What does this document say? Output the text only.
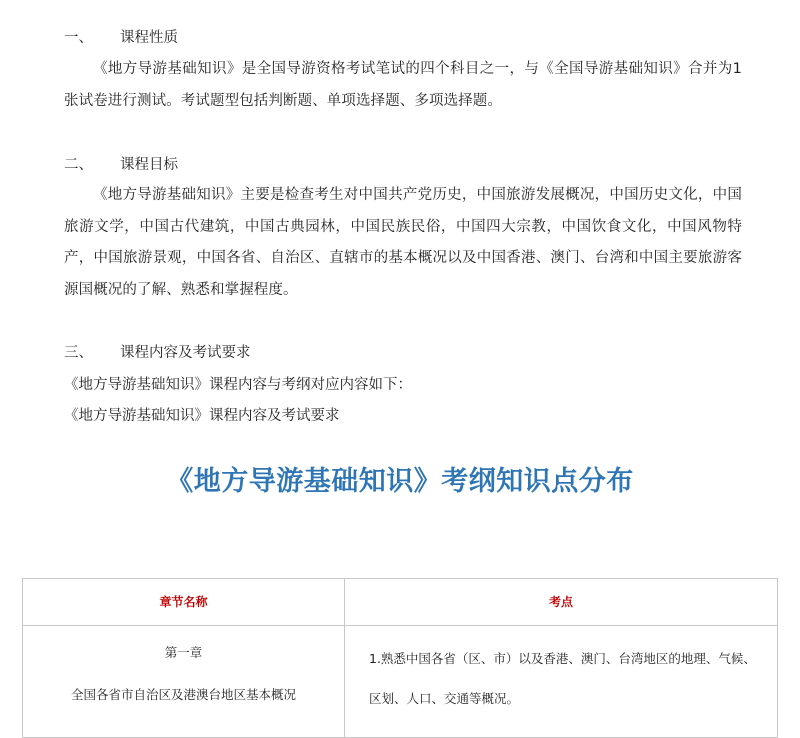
一、 课程性质

《地方导游基础知识》是全国导游资格考试笔试的四个科目之一，与《全国导游基础知识》合并为1张试卷进行测试。考试题型包括判断题、单项选择题、多项选择题。

二、 课程目标

《地方导游基础知识》主要是检查考生对中国共产党历史，中国旅游发展概况，中国历史文化，中国旅游文学，中国古代建筑，中国古典园林，中国民族民俗，中国四大宗教，中国饮食文化，中国风物特产，中国旅游景观，中国各省、自治区、直辖市的基本概况以及中国香港、澳门、台湾和中国主要旅游客源国概况的了解、熟悉和掌握程度。

三、 课程内容及考试要求
《地方导游基础知识》课程内容与考纲对应内容如下：
《地方导游基础知识》课程内容及考试要求
《地方导游基础知识》考纲知识点分布
章节名称	考点
第一章
全国各省市自治区及港澳台地区基本概况
1.熟悉中国各省（区、市）以及香港、澳门、台湾地区的地理、气候、区划、人口、交通等概况。
